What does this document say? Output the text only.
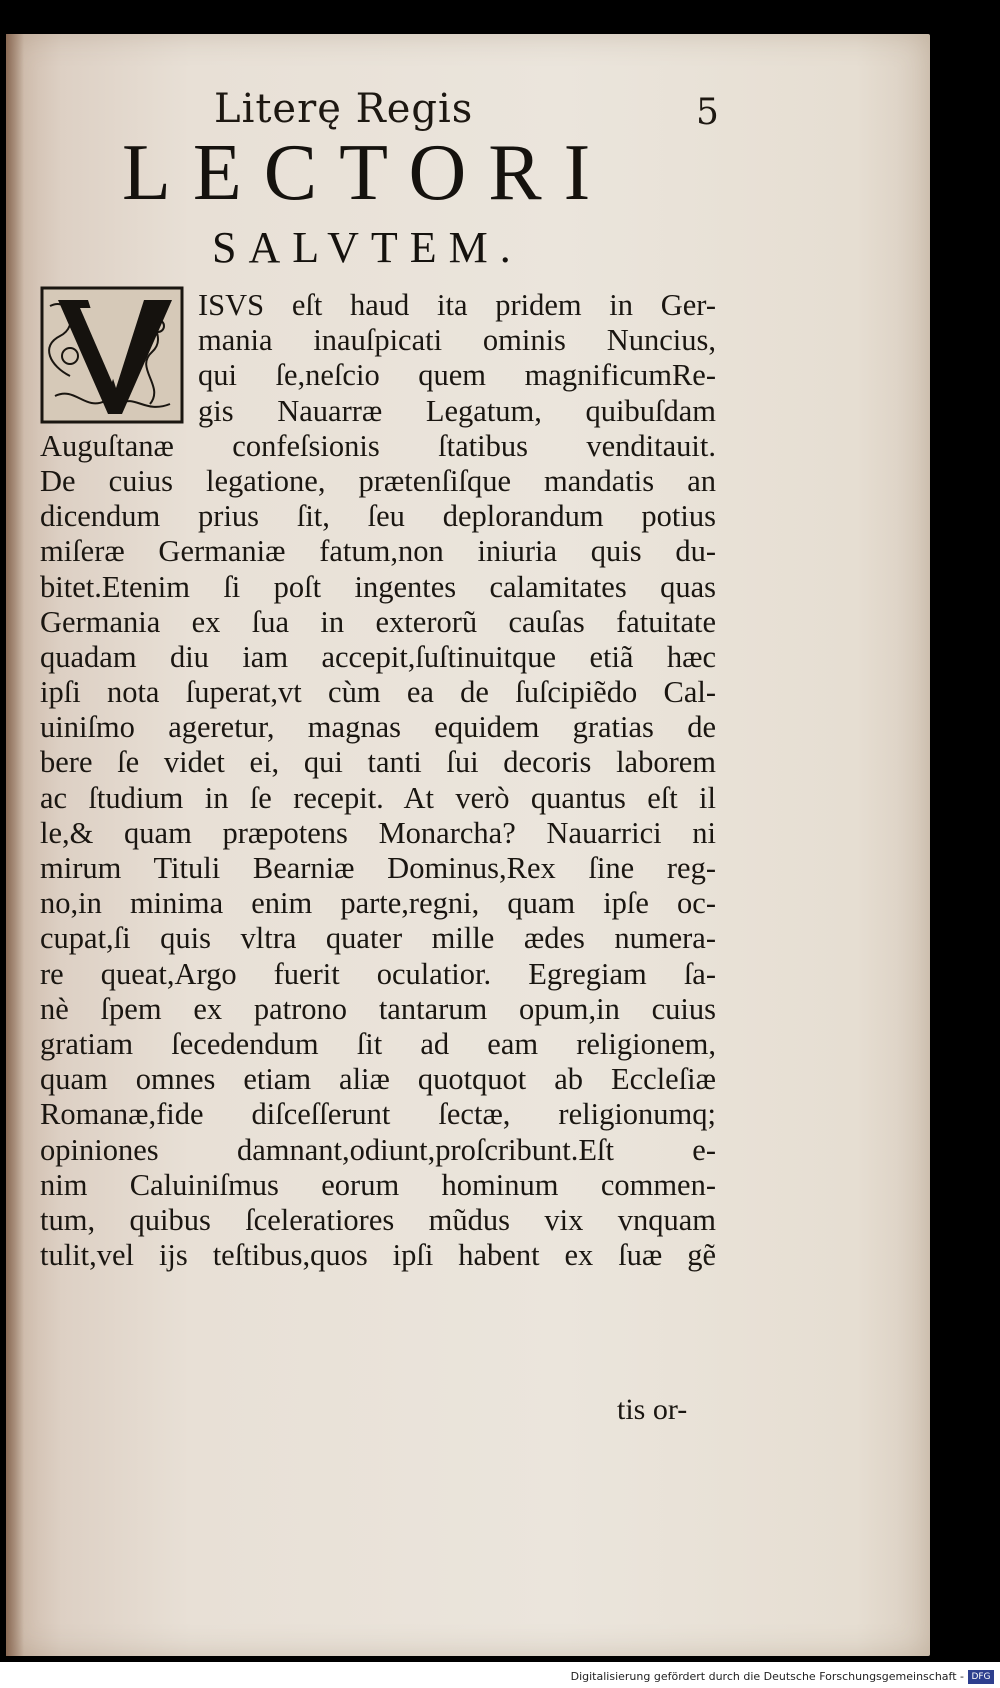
Literę Regis	5
LECTORI
SALVTEM.
ISVS eſt haud ita pridem in Ger-
mania inauſpicati ominis Nuncius,
qui ſe,neſcio quem magnificumRe-
gis Nauarræ Legatum, quibuſdam
Auguſtanæ confeſsionis ſtatibus venditauit.
De cuius legatione, prætenſiſque mandatis an
dicendum prius ſit, ſeu deplorandum potius
miſeræ Germaniæ fatum,non iniuria quis du-
bitet.Etenim ſi poſt ingentes calamitates quas
Germania ex ſua in exterorũ cauſas fatuitate
quadam diu iam accepit,ſuſtinuitque etiã hæc
ipſi nota ſuperat,vt cùm ea de ſuſcipiẽdo Cal-
uiniſmo ageretur, magnas equidem gratias de
bere ſe videt ei, qui tanti ſui decoris laborem
ac ſtudium in ſe recepit. At verò quantus eſt il
le,& quam præpotens Monarcha? Nauarrici ni
mirum Tituli Bearniæ Dominus,Rex ſine reg-
no,in minima enim parte,regni, quam ipſe oc-
cupat,ſi quis vltra quater mille ædes numera-
re queat,Argo fuerit oculatior. Egregiam ſa-
nè ſpem ex patrono tantarum opum,in cuius
gratiam ſecedendum ſit ad eam religionem,
quam omnes etiam aliæ quotquot ab Eccleſiæ
Romanæ,fide diſceſſerunt ſectæ, religionumq;
opiniones damnant,odiunt,proſcribunt.Eſt e-
nim Caluiniſmus eorum hominum commen-
tum, quibus ſceleratiores mũdus vix vnquam
tulit,vel ijs teſtibus,quos ipſi habent ex ſuæ gẽ
tis or-
Digitalisierung gefördert durch die Deutsche Forschungsgemeinschaft - DFG
